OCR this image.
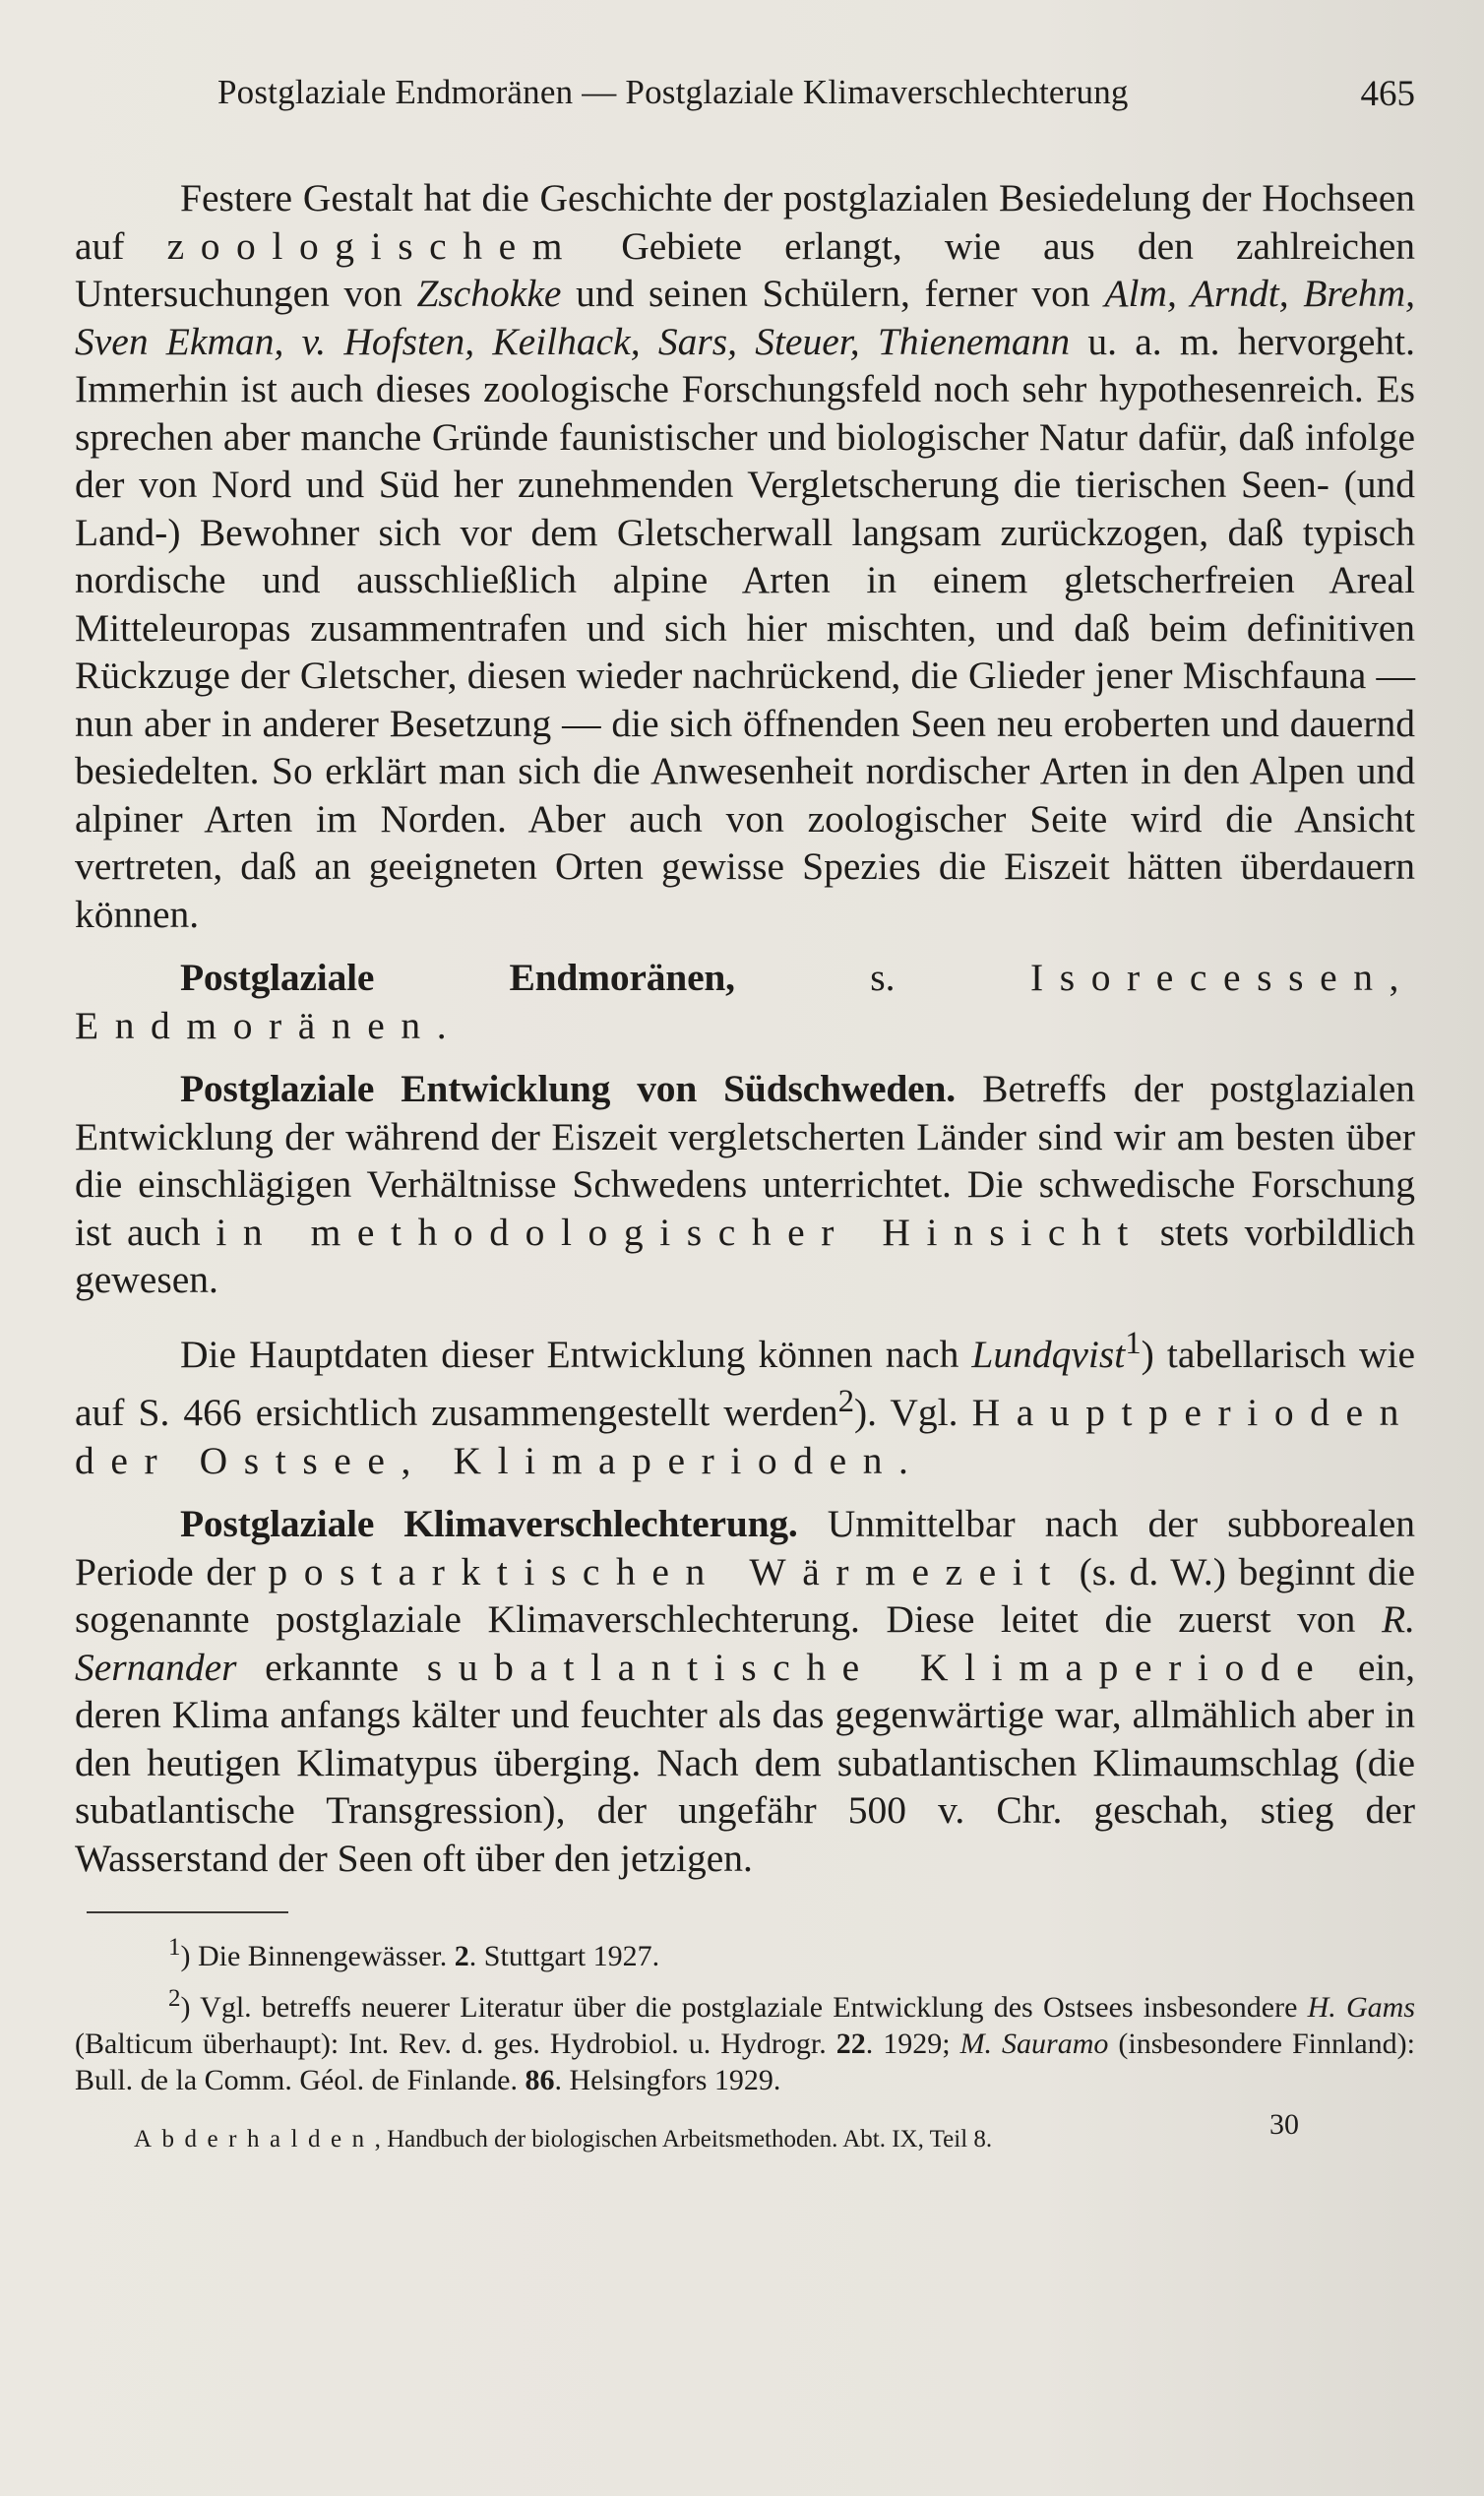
Postglaziale Endmoränen — Postglaziale Klimaverschlechterung	465

Festere Gestalt hat die Geschichte der postglazialen Besiedelung der Hochseen auf zoologischem Gebiete erlangt, wie aus den zahlreichen Untersuchungen von Zschokke und seinen Schülern, ferner von Alm, Arndt, Brehm, Sven Ekman, v. Hofsten, Keilhack, Sars, Steuer, Thienemann u. a. m. hervorgeht. Immerhin ist auch dieses zoologische Forschungsfeld noch sehr hypothesenreich. Es sprechen aber manche Gründe faunistischer und biologischer Natur dafür, daß infolge der von Nord und Süd her zunehmenden Vergletscherung die tierischen Seen- (und Land-) Bewohner sich vor dem Gletscherwall langsam zurückzogen, daß typisch nordische und ausschließlich alpine Arten in einem gletscherfreien Areal Mitteleuropas zusammentrafen und sich hier mischten, und daß beim definitiven Rückzuge der Gletscher, diesen wieder nachrückend, die Glieder jener Mischfauna — nun aber in anderer Besetzung — die sich öffnenden Seen neu eroberten und dauernd besiedelten. So erklärt man sich die Anwesenheit nordischer Arten in den Alpen und alpiner Arten im Norden. Aber auch von zoologischer Seite wird die Ansicht vertreten, daß an geeigneten Orten gewisse Spezies die Eiszeit hätten überdauern können.

Postglaziale Endmoränen, s. Isorecessen, Endmoränen.

Postglaziale Entwicklung von Südschweden. Betreffs der postglazialen Entwicklung der während der Eiszeit vergletscherten Länder sind wir am besten über die einschlägigen Verhältnisse Schwedens unterrichtet. Die schwedische Forschung ist auch in methodologischer Hinsicht stets vorbildlich gewesen.

Die Hauptdaten dieser Entwicklung können nach Lundqvist$^1$) tabellarisch wie auf S. 466 ersichtlich zusammengestellt werden$^2$). Vgl. Hauptperioden der Ostsee, Klimaperioden.

Postglaziale Klimaverschlechterung. Unmittelbar nach der subborealen Periode der postarktischen Wärmezeit (s. d. W.) beginnt die sogenannte postglaziale Klimaverschlechterung. Diese leitet die zuerst von R. Sernander erkannte subatlantische Klimaperiode ein, deren Klima anfangs kälter und feuchter als das gegenwärtige war, allmählich aber in den heutigen Klimatypus überging. Nach dem subatlantischen Klimaumschlag (die subatlantische Transgression), der ungefähr 500 v. Chr. geschah, stieg der Wasserstand der Seen oft über den jetzigen.

$^1$) Die Binnengewässer. 2. Stuttgart 1927.

$^2$) Vgl. betreffs neuerer Literatur über die postglaziale Entwicklung des Ostsees insbesondere H. Gams (Balticum überhaupt): Int. Rev. d. ges. Hydrobiol. u. Hydrogr. 22. 1929; M. Sauramo (insbesondere Finnland): Bull. de la Comm. Géol. de Finlande. 86. Helsingfors 1929.

Abderhalden, Handbuch der biologischen Arbeitsmethoden. Abt. IX, Teil 8.	30
